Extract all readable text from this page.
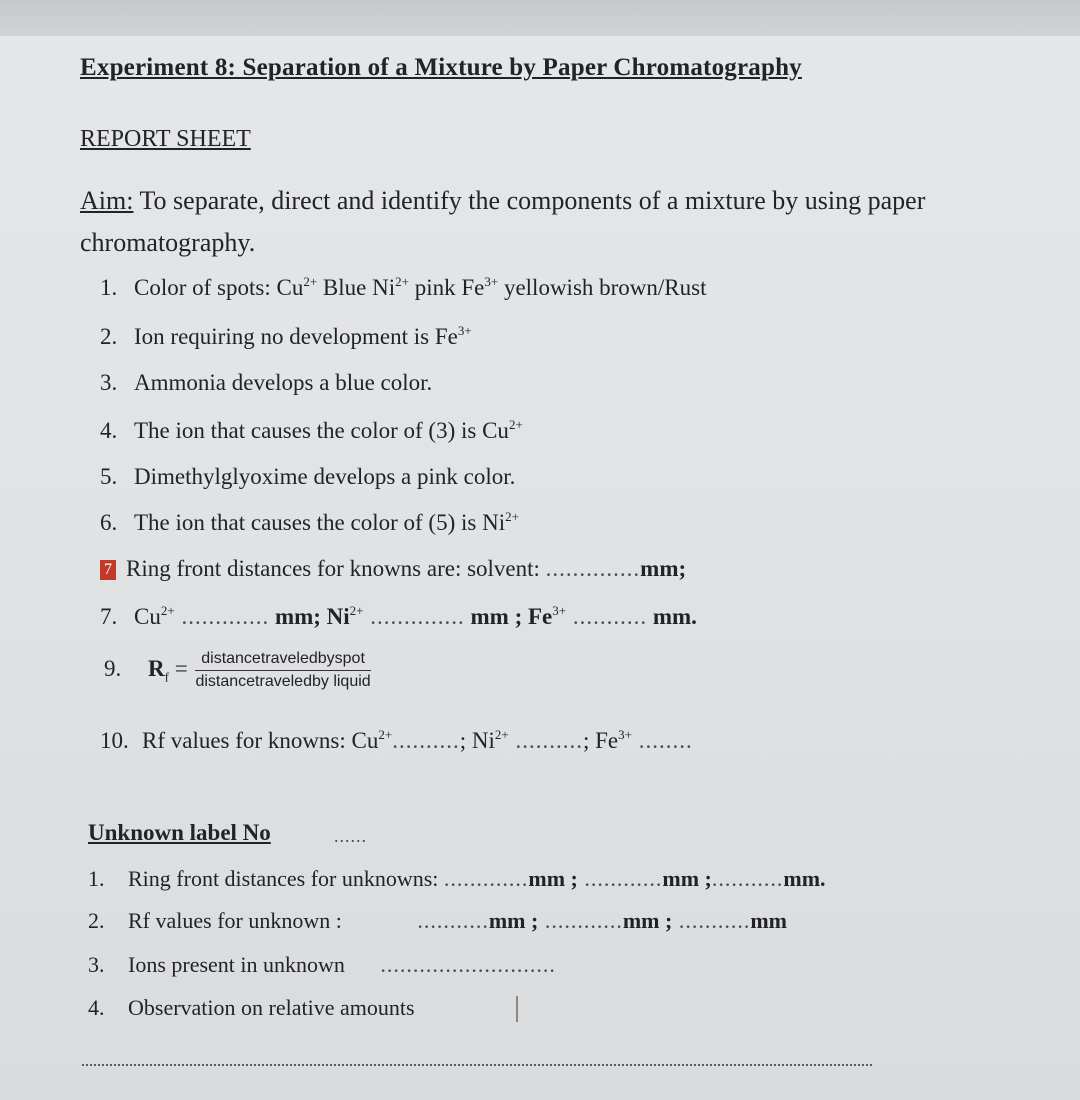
Experiment 8: Separation of a Mixture by Paper Chromatography
REPORT SHEET
Aim: To separate, direct and identify the components of a mixture by using paper chromatography.
1. Color of spots: $Cu^{2+}$ Blue $Ni^{2+}$ pink $Fe^{3+}$ yellowish brown/Rust
2. Ion requiring no development is $Fe^{3+}$
3. Ammonia develops a blue color.
4. The ion that causes the color of (3) is $Cu^{2+}$
5. Dimethylglyoxime develops a pink color.
6. The ion that causes the color of (5) is $Ni^{2+}$
7 Ring front distances for knowns are: solvent: ..............mm;
7. $Cu^{2+}$ ............. mm; $Ni^{2+}$ .............. mm ; $Fe^{3+}$ ........... mm.
9. $R_f = \frac{\text{distancetraveledbyspot}}{\text{distancetraveledby liquid}}$
10. Rf values for knowns: $Cu^{2+}$..........; $Ni^{2+}$ ..........; $Fe^{3+}$ ........
Unknown label No	......
1. Ring front distances for unknowns: .............mm ; ............mm ;...........mm.
2. Rf values for unknown :	...........mm ; ............mm ; ...........mm
3. Ions present in unknown ...........................
4. Observation on relative amounts
